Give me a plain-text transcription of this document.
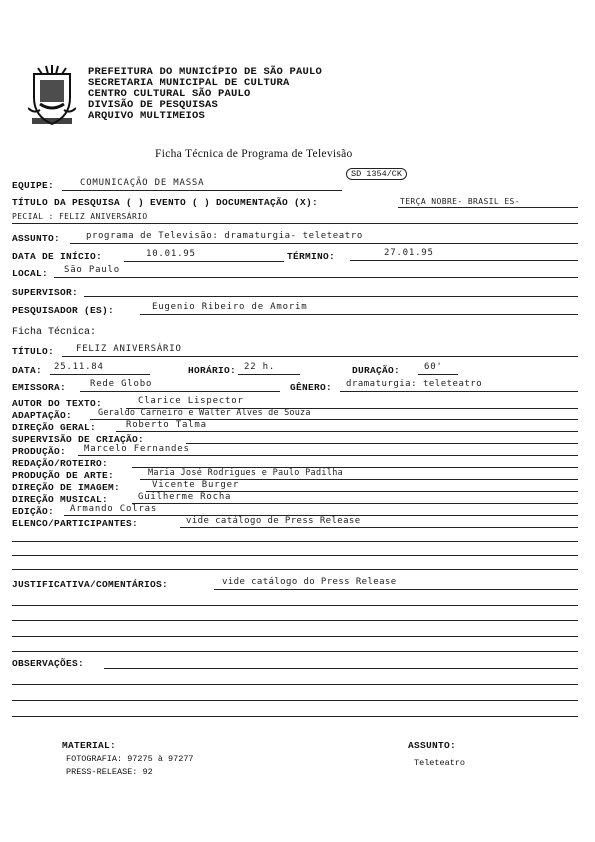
PREFEITURA DO MUNICÍPIO DE SÃO PAULO
SECRETARIA MUNICIPAL DE CULTURA
CENTRO CULTURAL SÃO PAULO
DIVISÃO DE PESQUISAS
ARQUIVO MULTIMEIOS
Ficha Técnica de Programa de Televisão
SD 1354/CK
EQUIPE:	COMUNICAÇÃO DE MASSA
TÍTULO DA PESQUISA ( ) EVENTO ( ) DOCUMENTAÇÃO (X):	TERÇA NOBRE- BRASIL ES-
PECIAL : FELIZ ANIVERSÁRIO
ASSUNTO:	programa de Televisão: dramaturgia- teleteatro
DATA DE INÍCIO:	10.01.95	TÉRMINO:	27.01.95
LOCAL: São Paulo
SUPERVISOR:
PESQUISADOR (ES):	Eugenio Ribeiro de Amorim
Ficha Técnica:
TÍTULO: FELIZ ANIVERSÁRIO
DATA: 25.11.84	HORÁRIO: 22 h.	DURAÇÃO:	60'
EMISSORA:	Rede Globo	GÊNERO: dramaturgia: teleteatro
AUTOR DO TEXTO:	Clarice Lispector
ADAPTAÇÃO:	Geraldo Carneiro e Walter Alves de Souza
DIREÇÃO GERAL:	Roberto Talma
SUPERVISÃO DE CRIAÇÃO:
PRODUÇÃO: Marcelo Fernandes
REDAÇÃO/ROTEIRO:
PRODUÇÃO DE ARTE:	Maria José Rodrigues e Paulo Padilha
DIREÇÃO DE IMAGEM:	Vicente Burger
DIREÇÃO MUSICAL:	Guilherme Rocha
EDIÇÃO: Armando Colras
ELENCO/PARTICIPANTES:	vide catálogo de Press Release
JUSTIFICATIVA/COMENTÁRIOS:	vide catálogo do Press Release
OBSERVAÇÕES:
MATERIAL:
FOTOGRAFIA: 97275 à 97277
PRESS-RELEASE: 92
ASSUNTO:
Teleteatro
